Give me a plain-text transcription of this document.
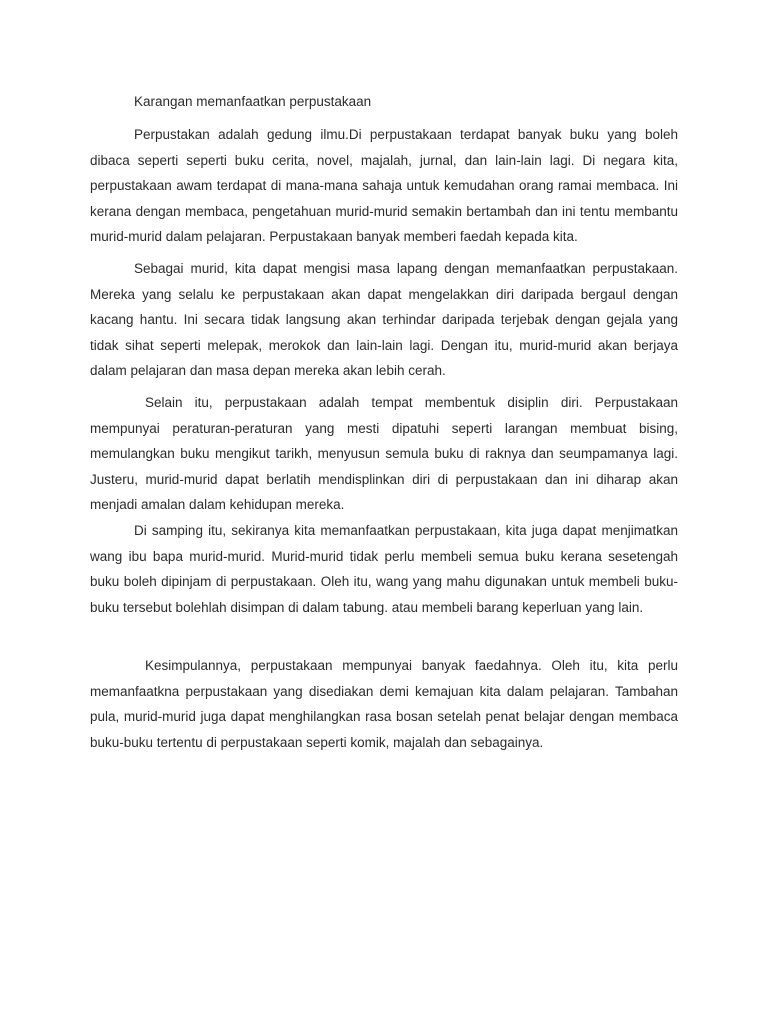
Karangan memanfaatkan perpustakaan

Perpustakan adalah gedung ilmu.Di perpustakaan terdapat banyak buku yang boleh dibaca seperti seperti buku cerita, novel, majalah, jurnal, dan lain-lain lagi. Di negara kita, perpustakaan awam terdapat di mana-mana sahaja untuk kemudahan orang ramai membaca. Ini kerana dengan membaca, pengetahuan murid-murid semakin bertambah dan ini tentu membantu murid-murid dalam pelajaran. Perpustakaan banyak memberi faedah kepada kita.

Sebagai murid, kita dapat mengisi masa lapang dengan memanfaatkan perpustakaan. Mereka yang selalu ke perpustakaan akan dapat mengelakkan diri daripada bergaul dengan kacang hantu. Ini secara tidak langsung akan terhindar daripada terjebak dengan gejala yang tidak sihat seperti melepak, merokok dan lain-lain lagi. Dengan itu, murid-murid akan berjaya dalam pelajaran dan masa depan mereka akan lebih cerah.

Selain itu, perpustakaan adalah tempat membentuk disiplin diri. Perpustakaan mempunyai peraturan-peraturan yang mesti dipatuhi seperti larangan membuat bising, memulangkan buku mengikut tarikh, menyusun semula buku di raknya dan seumpamanya lagi. Justeru, murid-murid dapat berlatih mendisplinkan diri di perpustakaan dan ini diharap akan menjadi amalan dalam kehidupan mereka.

Di samping itu, sekiranya kita memanfaatkan perpustakaan, kita juga dapat menjimatkan wang ibu bapa murid-murid. Murid-murid tidak perlu membeli semua buku kerana sesetengah buku boleh dipinjam di perpustakaan. Oleh itu, wang yang mahu digunakan untuk membeli buku-buku tersebut bolehlah disimpan di dalam tabung. atau membeli barang keperluan yang lain.

Kesimpulannya, perpustakaan mempunyai banyak faedahnya. Oleh itu, kita perlu memanfaatkna perpustakaan yang disediakan demi kemajuan kita dalam pelajaran. Tambahan pula, murid-murid juga dapat menghilangkan rasa bosan setelah penat belajar dengan membaca buku-buku tertentu di perpustakaan seperti komik, majalah dan sebagainya.
